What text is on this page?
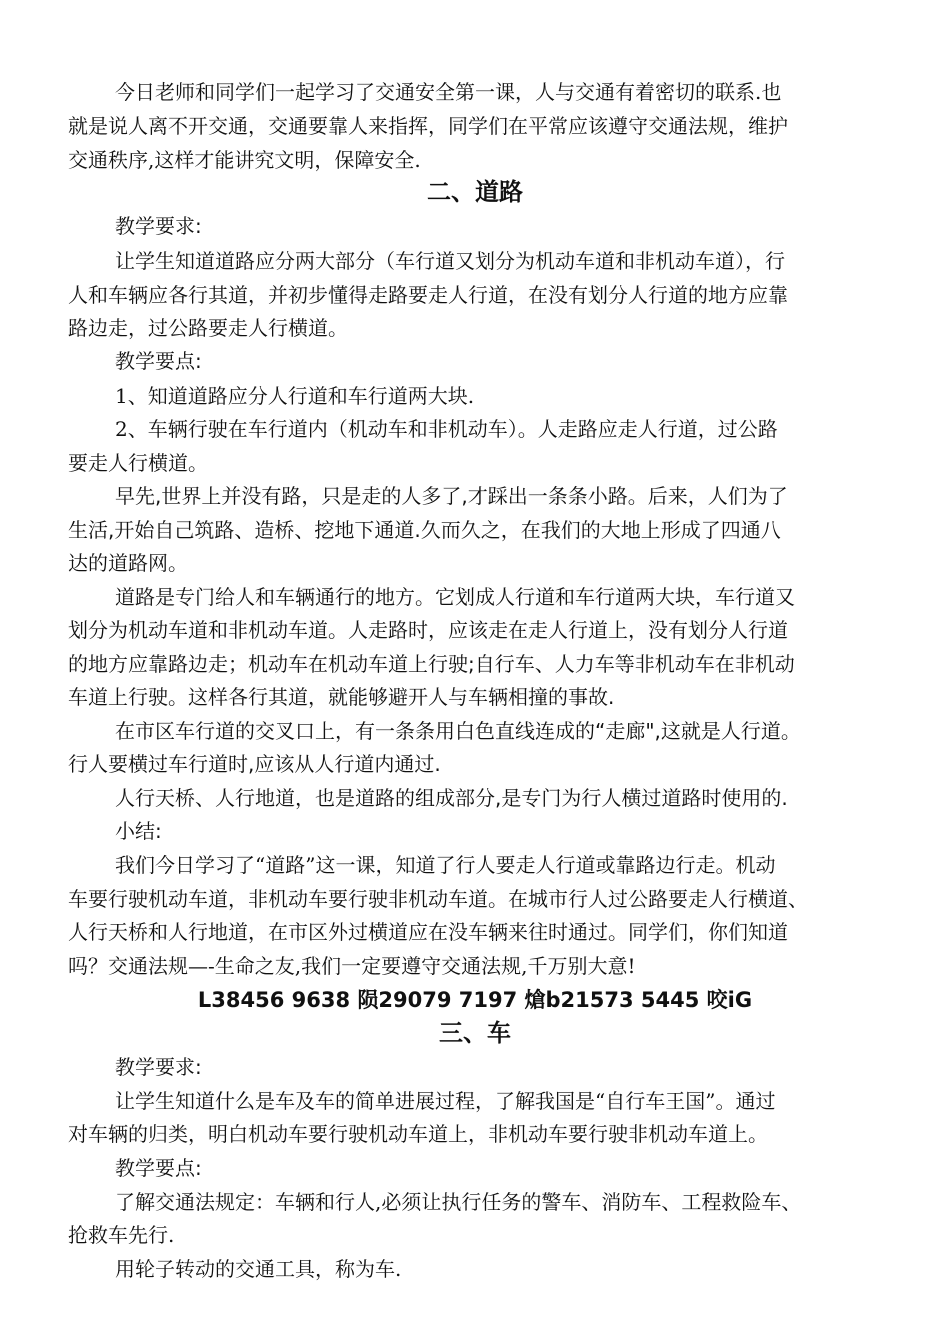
今日老师和同学们一起学习了交通安全第一课，人与交通有着密切的联系.也
就是说人离不开交通，交通要靠人来指挥，同学们在平常应该遵守交通法规，维护
交通秩序,这样才能讲究文明，保障安全.
二、道路
教学要求:
让学生知道道路应分两大部分（车行道又划分为机动车道和非机动车道），行
人和车辆应各行其道，并初步懂得走路要走人行道，在没有划分人行道的地方应靠
路边走，过公路要走人行横道。
教学要点:
1、知道道路应分人行道和车行道两大块.
2、车辆行驶在车行道内（机动车和非机动车）。人走路应走人行道，过公路
要走人行横道。
早先,世界上并没有路，只是走的人多了,才踩出一条条小路。后来，人们为了
生活,开始自己筑路、造桥、挖地下通道.久而久之，在我们的大地上形成了四通八
达的道路网。
道路是专门给人和车辆通行的地方。它划成人行道和车行道两大块，车行道又
划分为机动车道和非机动车道。人走路时，应该走在走人行道上，没有划分人行道
的地方应靠路边走；机动车在机动车道上行驶;自行车、人力车等非机动车在非机动
车道上行驶。这样各行其道，就能够避开人与车辆相撞的事故.
在市区车行道的交叉口上，有一条条用白色直线连成的“走廊",这就是人行道。
行人要横过车行道时,应该从人行道内通过.
人行天桥、人行地道，也是道路的组成部分,是专门为行人横过道路时使用的.
小结:
我们今日学习了“道路”这一课，知道了行人要走人行道或靠路边行走。机动
车要行驶机动车道，非机动车要行驶非机动车道。在城市行人过公路要走人行横道、
人行天桥和人行地道，在市区外过横道应在没车辆来往时通过。同学们，你们知道
吗？交通法规—-生命之友,我们一定要遵守交通法规,千万别大意!
L38456 9638 陨29079 7197 熗b21573 5445 咬iG
三、车
教学要求:
让学生知道什么是车及车的简单进展过程，了解我国是“自行车王国”。通过
对车辆的归类，明白机动车要行驶机动车道上，非机动车要行驶非机动车道上。
教学要点:
了解交通法规定：车辆和行人,必须让执行任务的警车、消防车、工程救险车、
抢救车先行.
用轮子转动的交通工具，称为车.
